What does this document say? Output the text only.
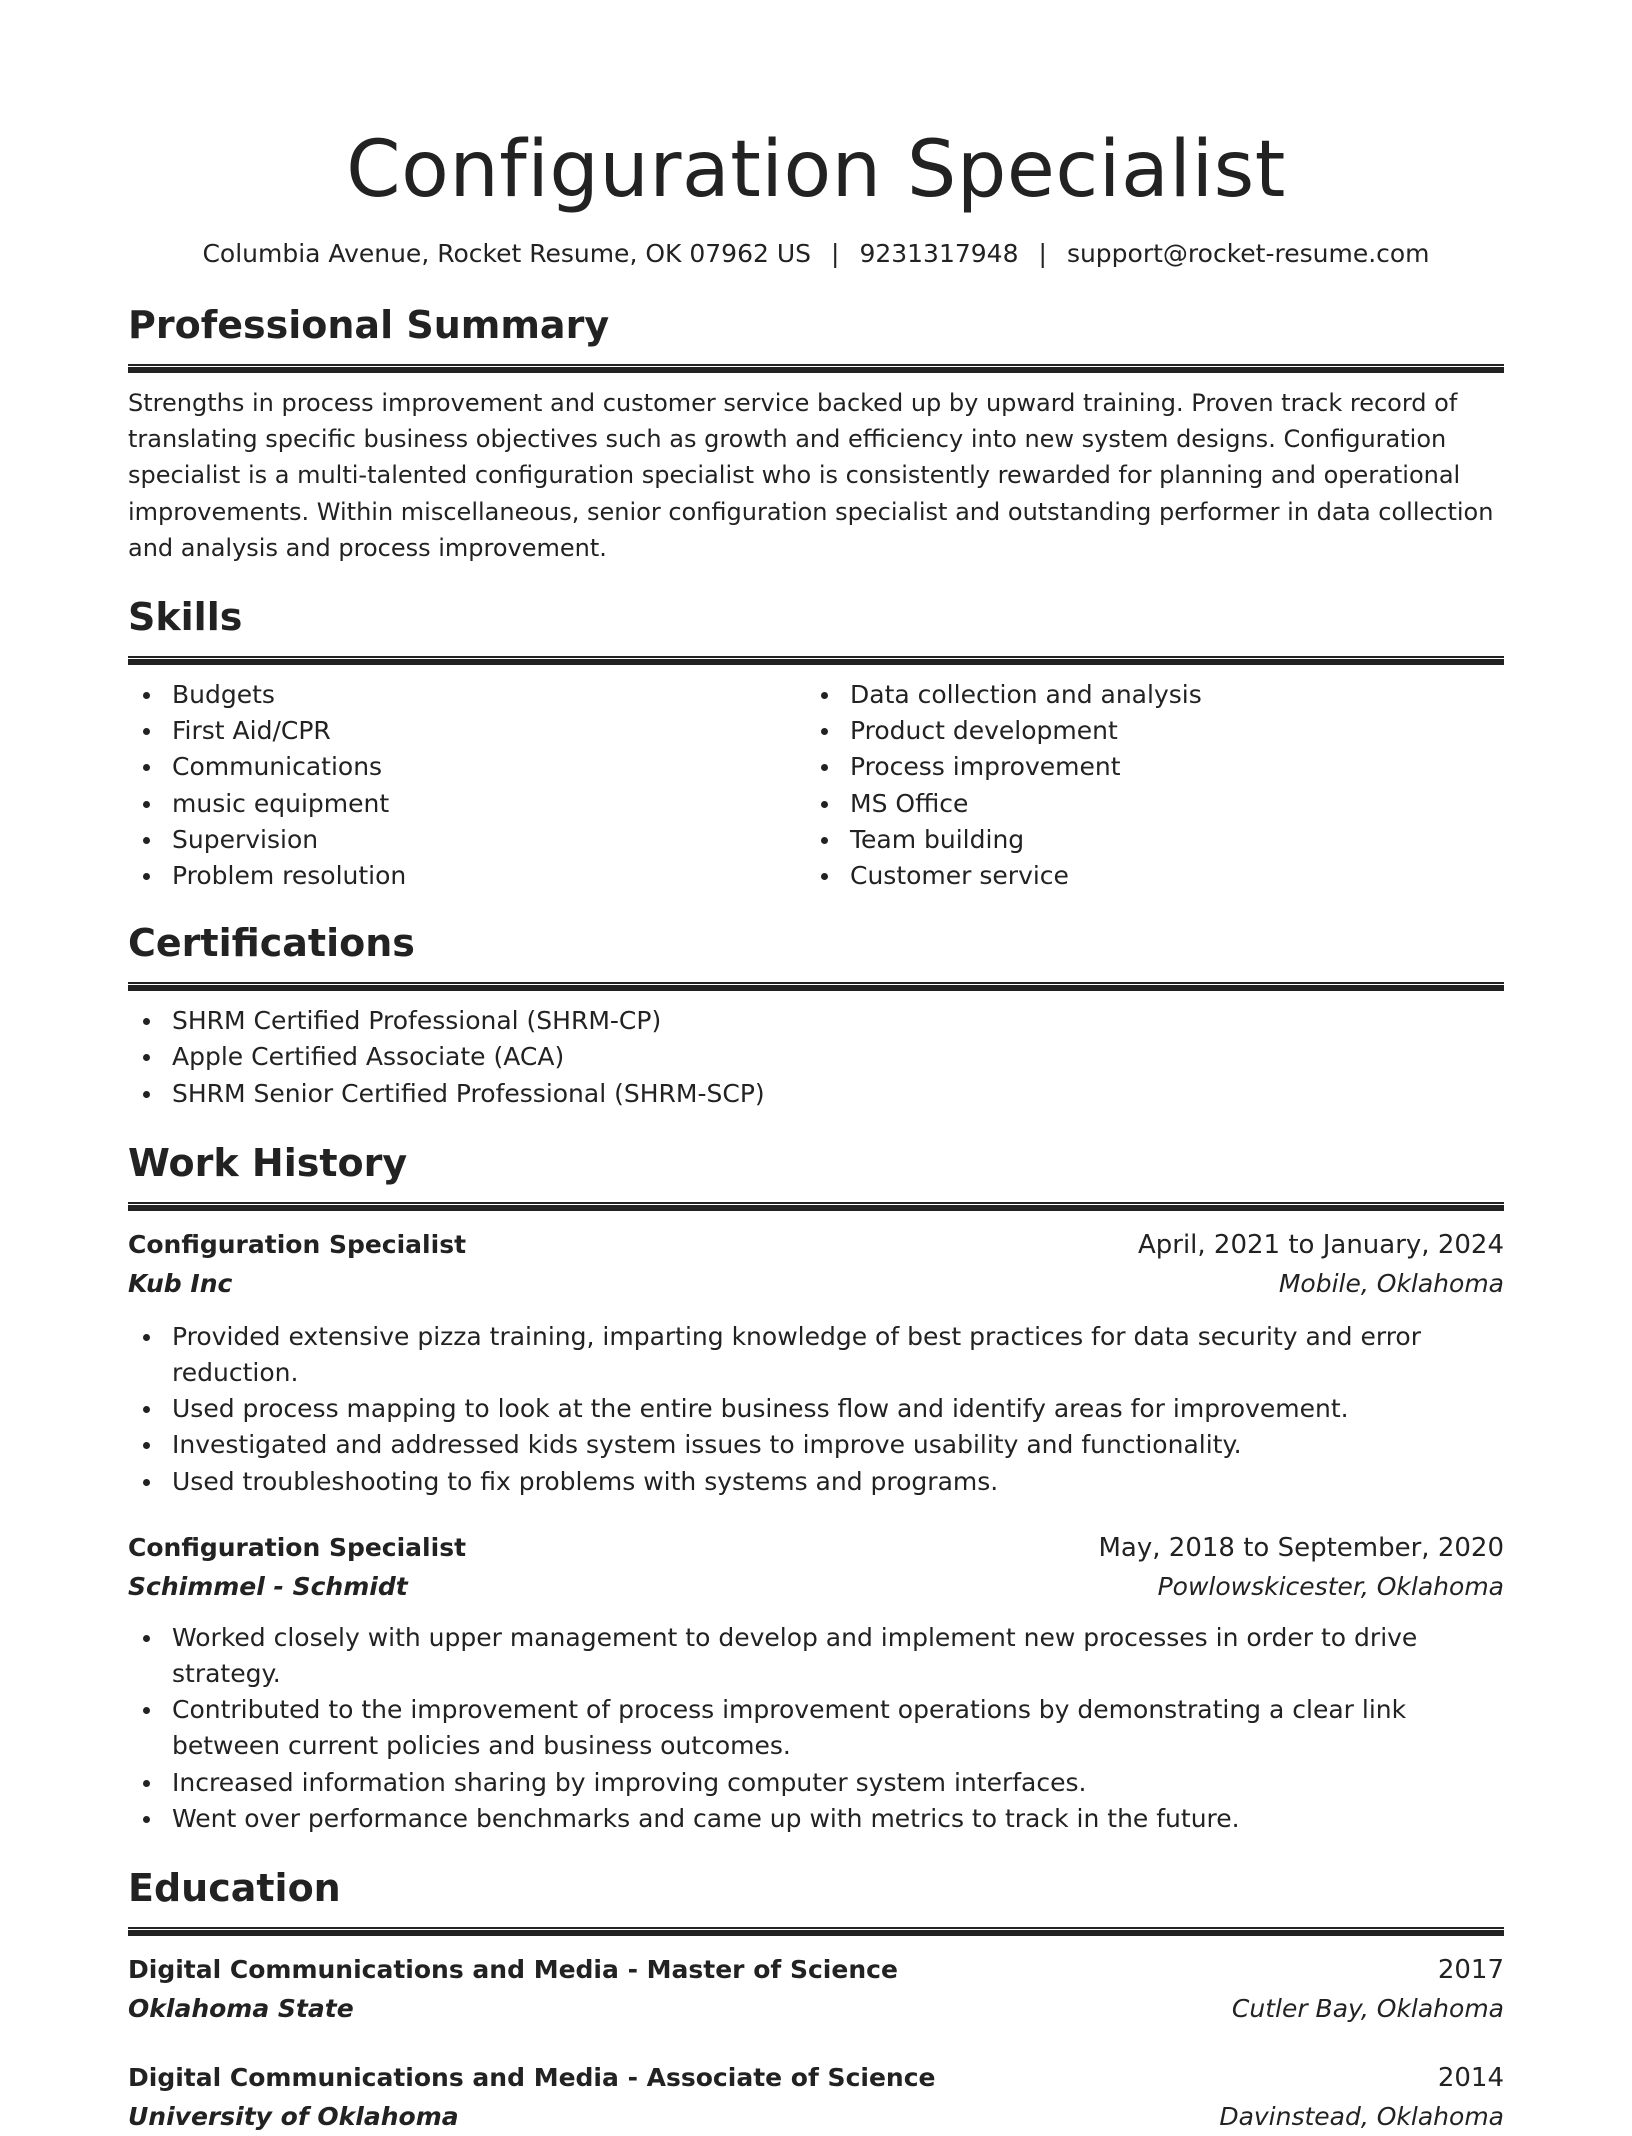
Configuration Specialist
Columbia Avenue, Rocket Resume, OK 07962 US | 9231317948 | support@rocket-resume.com
Professional Summary

Strengths in process improvement and customer service backed up by upward training. Proven track record of translating specific business objectives such as growth and efficiency into new system designs. Configuration specialist is a multi-talented configuration specialist who is consistently rewarded for planning and operational improvements. Within miscellaneous, senior configuration specialist and outstanding performer in data collection and analysis and process improvement.

Skills
Budgets
First Aid/CPR
Communications
music equipment
Supervision
Problem resolution
Data collection and analysis
Product development
Process improvement
MS Office
Team building
Customer service
Certifications
SHRM Certified Professional (SHRM-CP)
Apple Certified Associate (ACA)
SHRM Senior Certified Professional (SHRM-SCP)
Work History
Configuration Specialist	April, 2021 to January, 2024
Kub Inc	Mobile, Oklahoma
Provided extensive pizza training, imparting knowledge of best practices for data security and error reduction.
Used process mapping to look at the entire business flow and identify areas for improvement.
Investigated and addressed kids system issues to improve usability and functionality.
Used troubleshooting to fix problems with systems and programs.
Configuration Specialist	May, 2018 to September, 2020
Schimmel - Schmidt	Powlowskicester, Oklahoma
Worked closely with upper management to develop and implement new processes in order to drive strategy.
Contributed to the improvement of process improvement operations by demonstrating a clear link between current policies and business outcomes.
Increased information sharing by improving computer system interfaces.
Went over performance benchmarks and came up with metrics to track in the future.
Education
Digital Communications and Media - Master of Science	2017
Oklahoma State	Cutler Bay, Oklahoma
Digital Communications and Media - Associate of Science	2014
University of Oklahoma	Davinstead, Oklahoma
